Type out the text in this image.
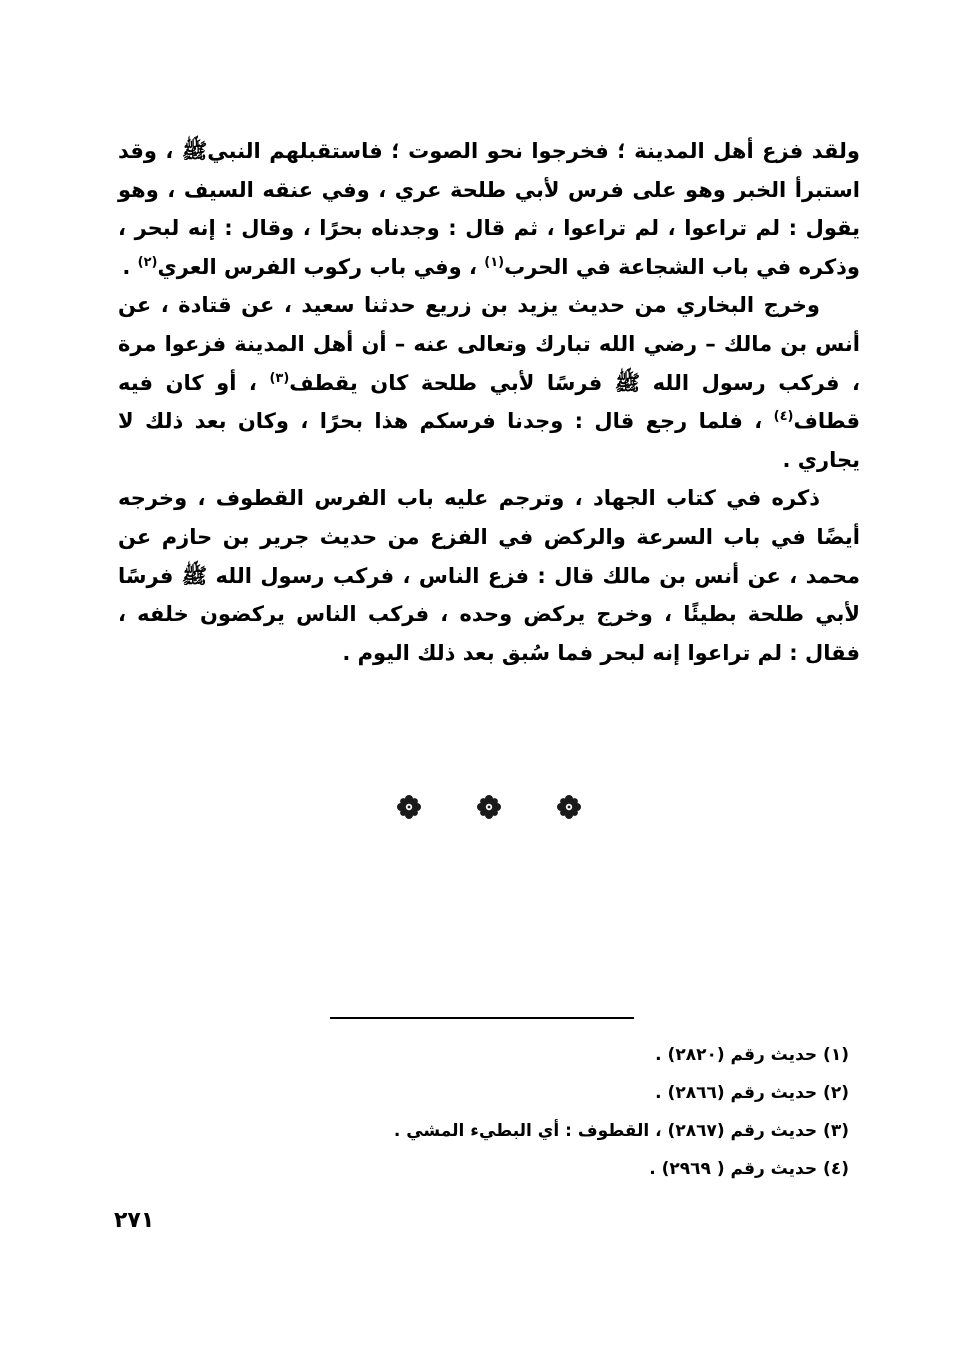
ولقد فزع أهل المدينة ؛ فخرجوا نحو الصوت ؛ فاستقبلهم النبيﷺ ، وقد استبرأ الخبر وهو على فرس لأبي طلحة عري ، وفي عنقه السيف ، وهو يقول : لم تراعوا ، لم تراعوا ، ثم قال : وجدناه بحرًا ، وقال : إنه لبحر ، وذكره في باب الشجاعة في الحرب$^{(١)}$ ، وفي باب ركوب الفرس العري$^{(٢)}$ .

وخرج البخاري من حديث يزيد بن زريع حدثنا سعيد ، عن قتادة ، عن أنس بن مالك – رضي الله تبارك وتعالى عنه – أن أهل المدينة فزعوا مرة ، فركب رسول الله ﷺ فرسًا لأبي طلحة كان يقطف$^{(٣)}$ ، أو كان فيه قطاف$^{(٤)}$ ، فلما رجع قال : وجدنا فرسكم هذا بحرًا ، وكان بعد ذلك لا يجاري .

ذكره في كتاب الجهاد ، وترجم عليه باب الفرس القطوف ، وخرجه أيضًا في باب السرعة والركض في الفزع من حديث جرير بن حازم عن محمد ، عن أنس بن مالك قال : فزع الناس ، فركب رسول الله ﷺ فرسًا لأبي طلحة بطيئًا ، وخرج يركض وحده ، فركب الناس يركضون خلفه ، فقال : لم تراعوا إنه لبحر فما سُبق بعد ذلك اليوم .

(١) حديث رقم (٢٨٢٠) .
(٢) حديث رقم (٢٨٦٦) .
(٣) حديث رقم (٢٨٦٧) ، القطوف : أي البطيء المشي .
(٤) حديث رقم ( ٢٩٦٩) .
٢٧١
